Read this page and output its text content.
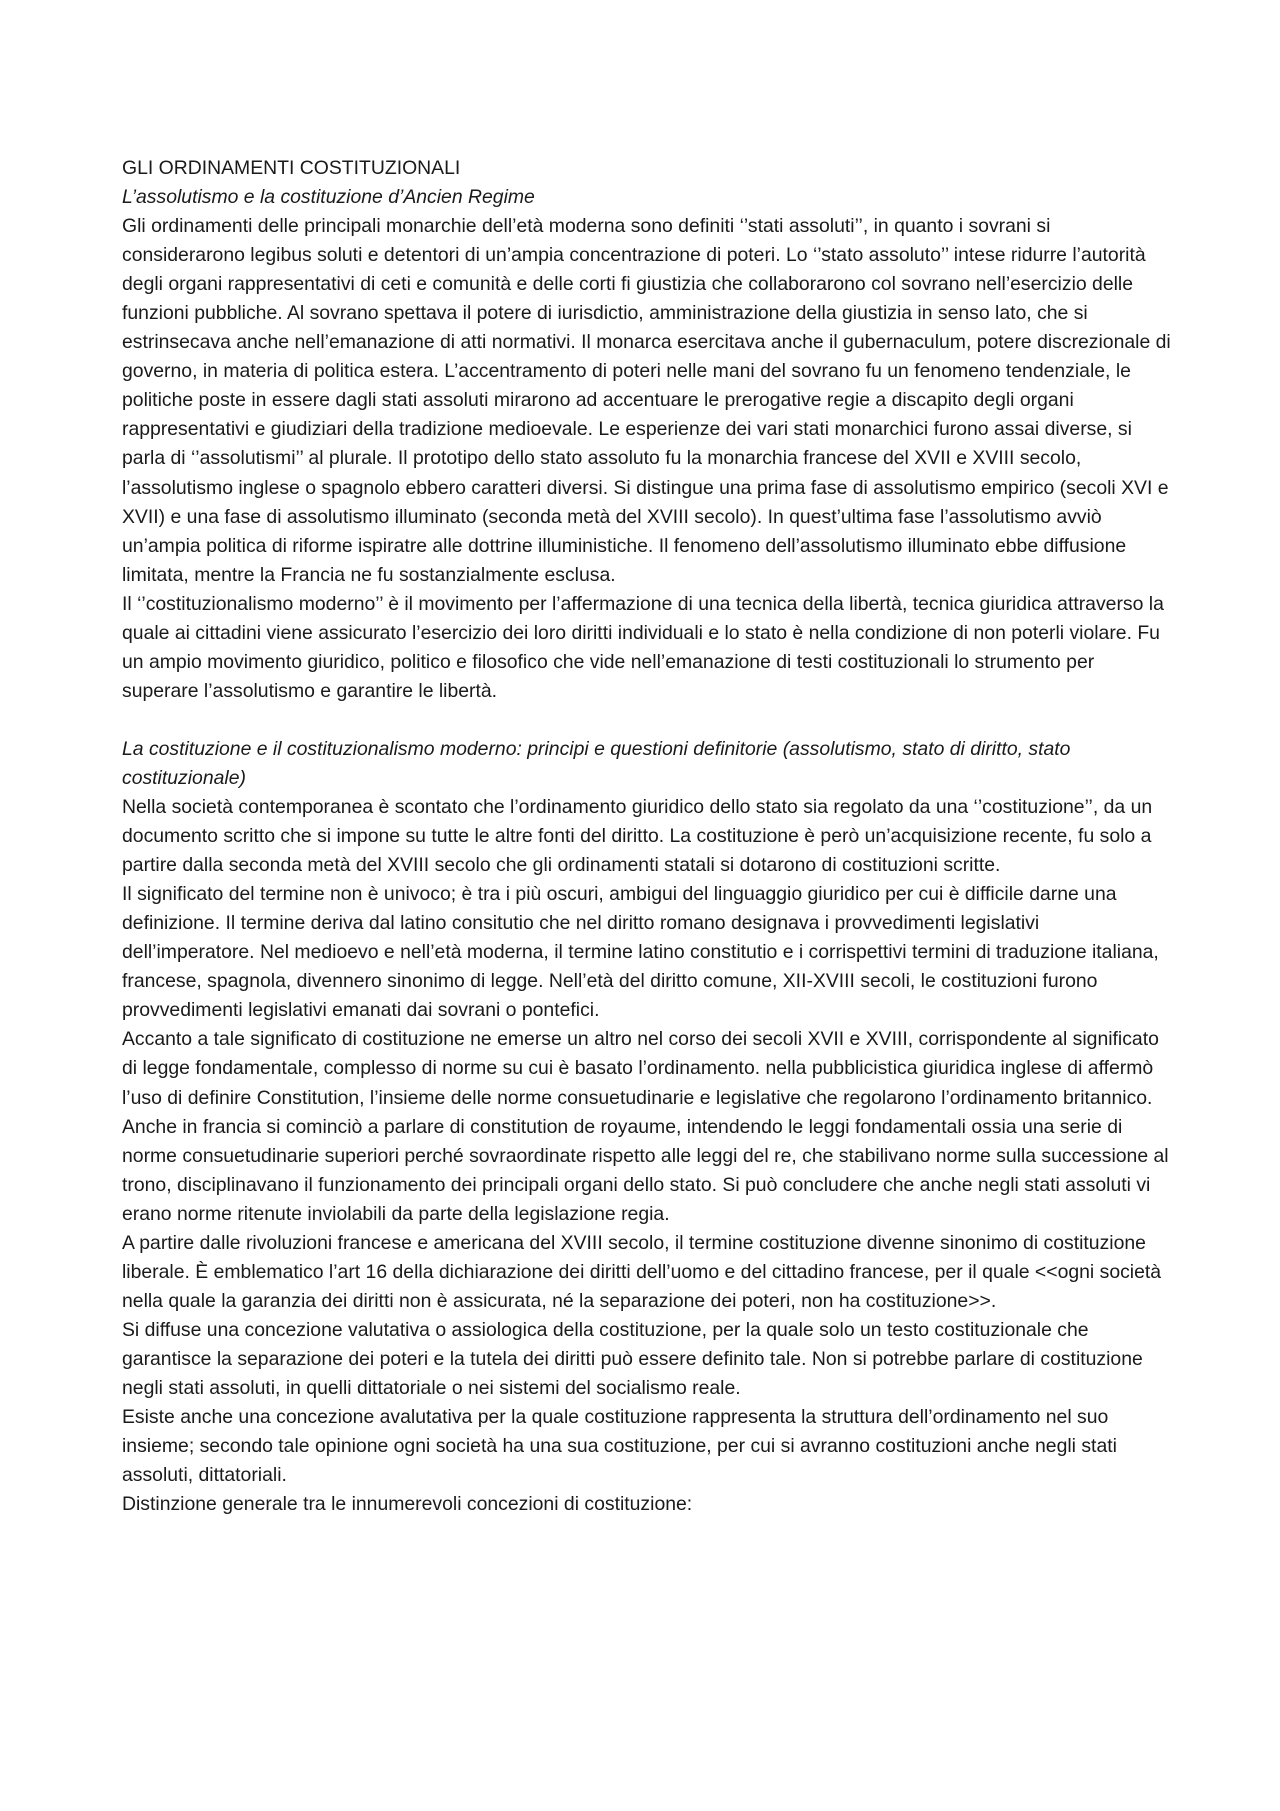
GLI ORDINAMENTI COSTITUZIONALI

L’assolutismo e la costituzione d’Ancien Regime

Gli ordinamenti delle principali monarchie dell’età moderna sono definiti ‘’stati assoluti’’, in quanto i sovrani si considerarono legibus soluti e detentori di un’ampia concentrazione di poteri. Lo ‘’stato assoluto’’ intese ridurre l’autorità degli organi rappresentativi di ceti e comunità e delle corti fi giustizia che collaborarono col sovrano nell’esercizio delle funzioni pubbliche. Al sovrano spettava il potere di iurisdictio, amministrazione della giustizia in senso lato, che si estrinsecava anche nell’emanazione di atti normativi. Il monarca esercitava anche il gubernaculum, potere discrezionale di governo, in materia di politica estera. L’accentramento di poteri nelle mani del sovrano fu un fenomeno tendenziale, le politiche poste in essere dagli stati assoluti mirarono ad accentuare le prerogative regie a discapito degli organi rappresentativi e giudiziari della tradizione medioevale. Le esperienze dei vari stati monarchici furono assai diverse, si parla di ‘’assolutismi’’ al plurale. Il prototipo dello stato assoluto fu la monarchia francese del XVII e XVIII secolo, l’assolutismo inglese o spagnolo ebbero caratteri diversi. Si distingue una prima fase di assolutismo empirico (secoli XVI e XVII) e una fase di assolutismo illuminato (seconda metà del XVIII secolo). In quest’ultima fase l’assolutismo avviò un’ampia politica di riforme ispiratre alle dottrine illuministiche. Il fenomeno dell’assolutismo illuminato ebbe diffusione limitata, mentre la Francia ne fu sostanzialmente esclusa.

Il ‘’costituzionalismo moderno’’ è il movimento per l’affermazione di una tecnica della libertà, tecnica giuridica attraverso la quale ai cittadini viene assicurato l’esercizio dei loro diritti individuali e lo stato è nella condizione di non poterli violare. Fu un ampio movimento giuridico, politico e filosofico che vide nell’emanazione di testi costituzionali lo strumento per superare l’assolutismo e garantire le libertà.

La costituzione e il costituzionalismo moderno: principi e questioni definitorie (assolutismo, stato di diritto, stato costituzionale)

Nella società contemporanea è scontato che l’ordinamento giuridico dello stato sia regolato da una ‘’costituzione’’, da un documento scritto che si impone su tutte le altre fonti del diritto. La costituzione è però un’acquisizione recente, fu solo a partire dalla seconda metà del XVIII secolo che gli ordinamenti statali si dotarono di costituzioni scritte.

Il significato del termine non è univoco; è tra i più oscuri, ambigui del linguaggio giuridico per cui è difficile darne una definizione. Il termine deriva dal latino consitutio che nel diritto romano designava i provvedimenti legislativi dell’imperatore. Nel medioevo e nell’età moderna, il termine latino constitutio e i corrispettivi termini di traduzione italiana, francese, spagnola, divennero sinonimo di legge. Nell’età del diritto comune, XII-XVIII secoli, le costituzioni furono provvedimenti legislativi emanati dai sovrani o pontefici.

Accanto a tale significato di costituzione ne emerse un altro nel corso dei secoli XVII e XVIII, corrispondente al significato di legge fondamentale, complesso di norme su cui è basato l’ordinamento. nella pubblicistica giuridica inglese di affermò l’uso di definire Constitution, l’insieme delle norme consuetudinarie e legislative che regolarono l’ordinamento britannico.

Anche in francia si cominciò a parlare di constitution de royaume, intendendo le leggi fondamentali ossia una serie di norme consuetudinarie superiori perché sovraordinate rispetto alle leggi del re, che stabilivano norme sulla successione al trono, disciplinavano il funzionamento dei principali organi dello stato. Si può concludere che anche negli stati assoluti vi erano norme ritenute inviolabili da parte della legislazione regia.

A partire dalle rivoluzioni francese e americana del XVIII secolo, il termine costituzione divenne sinonimo di costituzione liberale. È emblematico l’art 16 della dichiarazione dei diritti dell’uomo e del cittadino francese, per il quale <<ogni società nella quale la garanzia dei diritti non è assicurata, né la separazione dei poteri, non ha costituzione>>.

Si diffuse una concezione valutativa o assiologica della costituzione, per la quale solo un testo costituzionale che garantisce la separazione dei poteri e la tutela dei diritti può essere definito tale. Non si potrebbe parlare di costituzione negli stati assoluti, in quelli dittatoriale o nei sistemi del socialismo reale.

Esiste anche una concezione avalutativa per la quale costituzione rappresenta la struttura dell’ordinamento nel suo insieme; secondo tale opinione ogni società ha una sua costituzione, per cui si avranno costituzioni anche negli stati assoluti, dittatoriali.

Distinzione generale tra le innumerevoli concezioni di costituzione:
